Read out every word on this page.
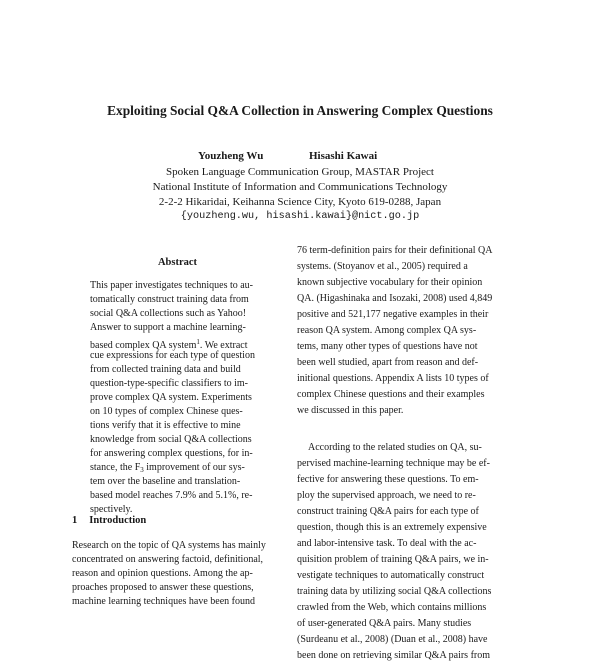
Exploiting Social Q&A Collection in Answering Complex Questions
Youzheng Wu	Hisashi Kawai
Spoken Language Communication Group, MASTAR Project
National Institute of Information and Communications Technology
2-2-2 Hikaridai, Keihanna Science City, Kyoto 619-0288, Japan
{youzheng.wu, hisashi.kawai}@nict.go.jp
Abstract
This paper investigates techniques to au-
tomatically construct training data from
social Q&A collections such as Yahoo!
Answer to support a machine learning-
based complex QA system$^1$. We extract
cue expressions for each type of question
from collected training data and build
question-type-specific classifiers to im-
prove complex QA system. Experiments
on 10 types of complex Chinese ques-
tions verify that it is effective to mine
knowledge from social Q&A collections
for answering complex questions, for in-
stance, the $F_3$ improvement of our sys-
tem over the baseline and translation-
based model reaches 7.9% and 5.1%, re-
spectively.
1 Introduction
Research on the topic of QA systems has mainly
concentrated on answering factoid, definitional,
reason and opinion questions. Among the ap-
proaches proposed to answer these questions,
machine learning techniques have been found
76 term-definition pairs for their definitional QA
systems. (Stoyanov et al., 2005) required a
known subjective vocabulary for their opinion
QA. (Higashinaka and Isozaki, 2008) used 4,849
positive and 521,177 negative examples in their
reason QA system. Among complex QA sys-
tems, many other types of questions have not
been well studied, apart from reason and def-
initional questions. Appendix A lists 10 types of
complex Chinese questions and their examples
we discussed in this paper.
According to the related studies on QA, su-
pervised machine-learning technique may be ef-
fective for answering these questions. To em-
ploy the supervised approach, we need to re-
construct training Q&A pairs for each type of
question, though this is an extremely expensive
and labor-intensive task. To deal with the ac-
quisition problem of training Q&A pairs, we in-
vestigate techniques to automatically construct
training data by utilizing social Q&A collections
crawled from the Web, which contains millions
of user-generated Q&A pairs. Many studies
(Surdeanu et al., 2008) (Duan et al., 2008) have
been done on retrieving similar Q&A pairs from
